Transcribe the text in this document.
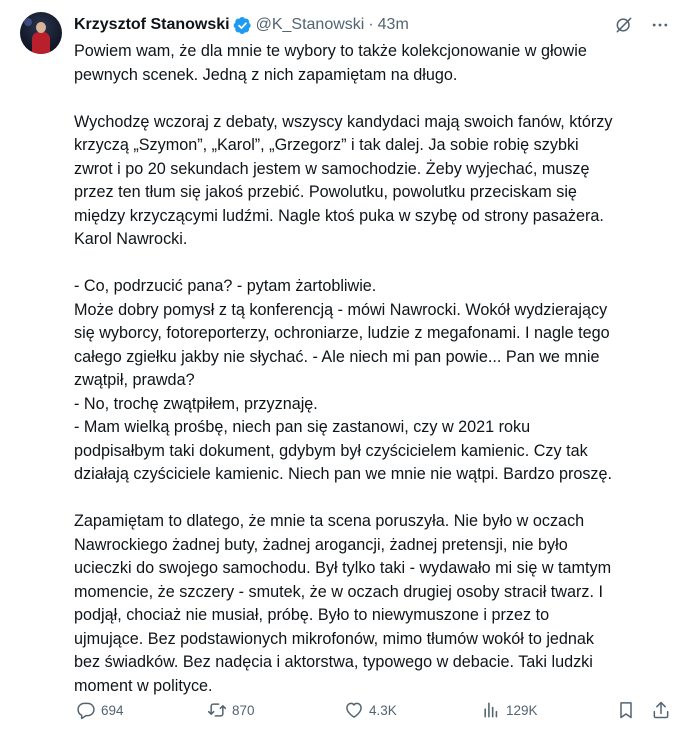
Krzysztof Stanowski @K_Stanowski · 43m

Powiem wam, że dla mnie te wybory to także kolekcjonowanie w głowie
pewnych scenek. Jedną z nich zapamiętam na długo.

Wychodzę wczoraj z debaty, wszyscy kandydaci mają swoich fanów, którzy
krzyczą „Szymon”, „Karol”, „Grzegorz” i tak dalej. Ja sobie robię szybki
zwrot i po 20 sekundach jestem w samochodzie. Żeby wyjechać, muszę
przez ten tłum się jakoś przebić. Powolutku, powolutku przeciskam się
między krzyczącymi ludźmi. Nagle ktoś puka w szybę od strony pasażera.
Karol Nawrocki.

- Co, podrzucić pana? - pytam żartobliwie.
Może dobry pomysł z tą konferencją - mówi Nawrocki. Wokół wydzierający
się wyborcy, fotoreporterzy, ochroniarze, ludzie z megafonami. I nagle tego
całego zgiełku jakby nie słychać. - Ale niech mi pan powie... Pan we mnie
zwątpił, prawda?
- No, trochę zwątpiłem, przyznaję.
- Mam wielką prośbę, niech pan się zastanowi, czy w 2021 roku
podpisałbym taki dokument, gdybym był czyścicielem kamienic. Czy tak
działają czyściciele kamienic. Niech pan we mnie nie wątpi. Bardzo proszę.

Zapamiętam to dlatego, że mnie ta scena poruszyła. Nie było w oczach
Nawrockiego żadnej buty, żadnej arogancji, żadnej pretensji, nie było
ucieczki do swojego samochodu. Był tylko taki - wydawało mi się w tamtym
momencie, że szczery - smutek, że w oczach drugiej osoby stracił twarz. I
podjął, chociaż nie musiał, próbę. Było to niewymuszone i przez to
ujmujące. Bez podstawionych mikrofonów, mimo tłumów wokół to jednak
bez świadków. Bez nadęcia i aktorstwa, typowego w debacie. Taki ludzki
moment w polityce.

694	870	4.3K	129K
